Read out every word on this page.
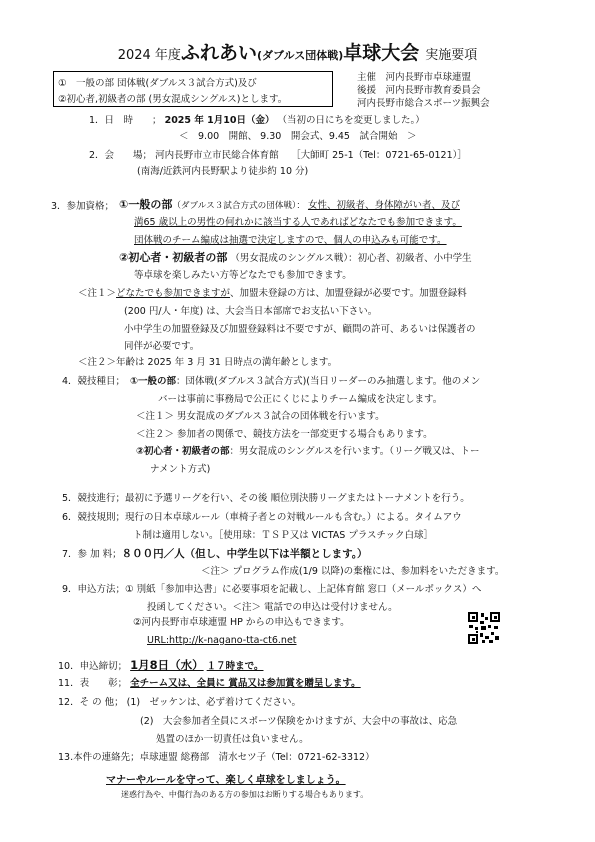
2024 年度ふれあい(ダブルス団体戦)卓球大会 実施要項
①　一般の部 団体戦(ダブルス３試合方式)及び
②初心者,初級者の部 (男女混成シングルス)とします。
主催　河内長野市卓球連盟
後援　河内長野市教育委員会
河内長野市総合スポーツ振興会
1．日　時　　； 2025 年 1月10日（金） （当初の日にちを変更しました。）
＜　9.00　開館、 9.30　開会式、9.45　試合開始　＞
2．会　　場； 河内長野市立市民総合体育館　 ［大師町 25-1（Tel：0721-65-0121）］
(南海/近鉄河内長野駅より徒歩約 10 分)
3．参加資格； ①一般の部（ダブルス３試合方式の団体戦）： 女性、初級者、身体障がい者、及び
満65 歳以上の男性の何れかに該当する人であればどなたでも参加できます。
団体戦のチーム編成は抽選で決定しますので、個人の申込みも可能です。
②初心者・初級者の部 （男女混成のシングルス戦）：初心者、初級者、小中学生
等卓球を楽しみたい方等どなたでも参加できます。
＜注１＞どなたでも参加できますが、加盟未登録の方は、加盟登録が必要です。加盟登録料
(200 円/人・年度) は、大会当日本部席でお支払い下さい。
小中学生の加盟登録及び加盟登録料は不要ですが、顧問の許可、あるいは保護者の
同伴が必要です。
＜注２＞年齢は 2025 年 3 月 31 日時点の満年齢とします。
4．競技種目； ①一般の部：団体戦(ダブルス３試合方式)(当日リーダーのみ抽選します。他のメン
バーは事前に事務局で公正にくじによりチーム編成を決定します。
＜注１＞ 男女混成のダブルス３試合の団体戦を行います。
＜注２＞ 参加者の関係で、競技方法を一部変更する場合もあります。
②初心者・初級者の部：男女混成のシングルスを行います。（リーグ戦又は、トー
ナメント方式)
5．競技進行；最初に予選リーグを行い、その後 順位別決勝リーグまたはトーナメントを行う。
6．競技規則；現行の日本卓球ルール（車椅子者との対戦ルールも含む。）による。タイムアウ
ト制は適用しない。［使用球：ＴＳＰ又は VICTAS プラスチック白球］
7．参 加 料；８００円／人（但し、中学生以下は半額とします。）
＜注＞ プログラム作成(1/9 以降)の棄権には、参加料をいただきます。
9．申込方法；① 別紙「参加申込書」に必要事項を記載し、上記体育館 窓口（メールボックス）へ
投函してください。＜注＞ 電話での申込は受付けません。
②河内長野市卓球連盟 HP からの申込もできます。
URL:http://k-nagano-tta-ct6.net
10．申込締切； 1月8日（水） １７時まで。
11．表　　彰； 全チーム又は、全員に 賞品又は参加賞を贈呈します。
12．そ の 他； (1)　ゼッケンは、必ず着けてください。
(2)　大会参加者全員にスポーツ保険をかけますが、大会中の事故は、応急
処置のほか一切責任は負いません。
13.本件の連絡先；卓球連盟 総務部　清水セツ子（Tel：0721-62-3312）
マナーやルールを守って、楽しく卓球をしましょう。
迷惑行為や、中傷行為のある方の参加はお断りする場合もあります。
